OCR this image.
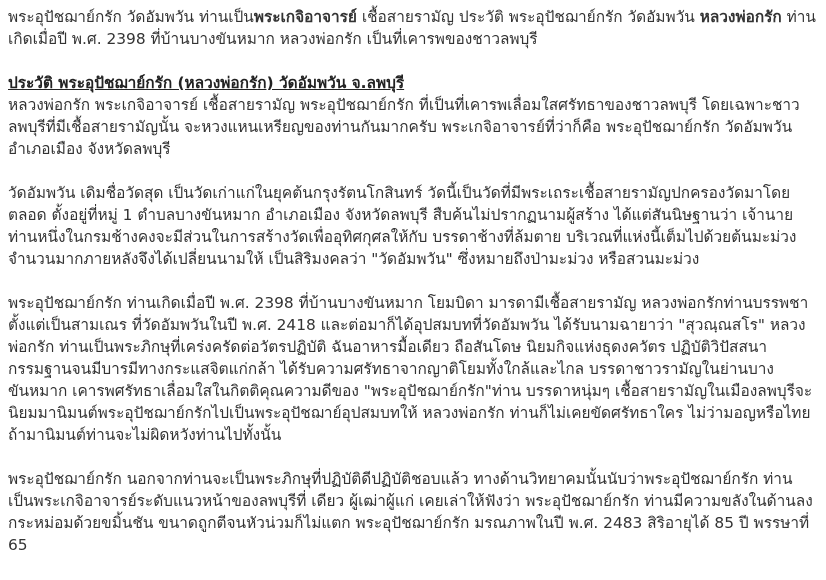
พระอุปัชฌาย์กรัก วัดอัมพวัน ท่านเป็นพระเกจิอาจารย์ เชื้อสายรามัญ ประวัติ พระอุปัชฌาย์กรัก วัดอัมพวัน หลวงพ่อกรัก ท่านเกิดเมื่อปี พ.ศ. 2398 ที่บ้านบางขันหมาก หลวงพ่อกรัก เป็นที่เคารพของชาวลพบุรี

ประวัติ พระอุปัชฌาย์กรัก (หลวงพ่อกรัก) วัดอัมพวัน จ.ลพบุรี

หลวงพ่อกรัก พระเกจิอาจารย์ เชื้อสายรามัญ พระอุปัชฌาย์กรัก ที่เป็นที่เคารพเลื่อมใสศรัทธาของชาวลพบุรี โดยเฉพาะชาวลพบุรีที่มีเชื้อสายรามัญนั้น จะหวงแหนเหรียญของท่านกันมากครับ พระเกจิอาจารย์ที่ว่าก็คือ พระอุปัชฌาย์กรัก วัดอัมพวัน อำเภอเมือง จังหวัดลพบุรี

วัดอัมพวัน เดิมชื่อวัดสุด เป็นวัดเก่าแก่ในยุคต้นกรุงรัตนโกสินทร์ วัดนี้เป็นวัดที่มีพระเถระเชื้อสายรามัญปกครองวัดมาโดยตลอด ตั้งอยู่ที่หมู่ 1 ตำบลบางขันหมาก อำเภอเมือง จังหวัดลพบุรี สืบค้นไม่ปรากฏนามผู้สร้าง ได้แต่สันนิษฐานว่า เจ้านายท่านหนึ่งในกรมช้างคงจะมีส่วนในการสร้างวัดเพื่ออุทิศกุศลให้กับ บรรดาช้างที่ล้มตาย บริเวณที่แห่งนี้เต็มไปด้วยต้นมะม่วงจำนวนมากภายหลังจึงได้เปลี่ยนนามให้ เป็นสิริมงคลว่า "วัดอัมพวัน" ซึ่งหมายถึงป่ามะม่วง หรือสวนมะม่วง

พระอุปัชฌาย์กรัก ท่านเกิดเมื่อปี พ.ศ. 2398 ที่บ้านบางขันหมาก โยมบิดา มารดามีเชื้อสายรามัญ หลวงพ่อกรักท่านบรรพชาตั้งแต่เป็นสามเณร ที่วัดอัมพวันในปี พ.ศ. 2418 และต่อมาก็ได้อุปสมบทที่วัดอัมพวัน ได้รับนามฉายาว่า "สุวณฺณสโร" หลวงพ่อกรัก ท่านเป็นพระภิกษุที่เคร่งครัดต่อวัตรปฏิบัติ ฉันอาหารมื้อเดียว ถือสันโดษ นิยมกิจแห่งธุดงควัตร ปฏิบัติวิปัสสนากรรมฐานจนมีบารมีทางกระแสจิตแก่กล้า ได้รับความศรัทธาจากญาติโยมทั้งใกล้และไกล บรรดาชาวรามัญในย่านบางขันหมาก เคารพศรัทธาเลื่อมใสในกิตติคุณความดีของ "พระอุปัชฌาย์กรัก"ท่าน บรรดาหนุ่มๆ เชื้อสายรามัญในเมืองลพบุรีจะนิยมมานิมนต์พระอุปัชฌาย์กรักไปเป็นพระอุปัชฌาย์อุปสมบทให้ หลวงพ่อกรัก ท่านก็ไม่เคยขัดศรัทธาใคร ไม่ว่ามอญหรือไทยถ้ามานิมนต์ท่านจะไม่ผิดหวังท่านไปทั้งนั้น

พระอุปัชฌาย์กรัก นอกจากท่านจะเป็นพระภิกษุที่ปฏิบัติดีปฏิบัติชอบแล้ว ทางด้านวิทยาคมนั้นนับว่าพระอุปัชฌาย์กรัก ท่านเป็นพระเกจิอาจารย์ระดับแนวหน้าของลพบุรีที่ เดียว ผู้เฒ่าผู้แก่ เคยเล่าให้ฟังว่า พระอุปัชฌาย์กรัก ท่านมีความขลังในด้านลงกระหม่อมด้วยขมิ้นชัน ขนาดถูกตีจนหัวน่วมก็ไม่แตก พระอุปัชฌาย์กรัก มรณภาพในปี พ.ศ. 2483 สิริอายุได้ 85 ปี พรรษาที่ 65
